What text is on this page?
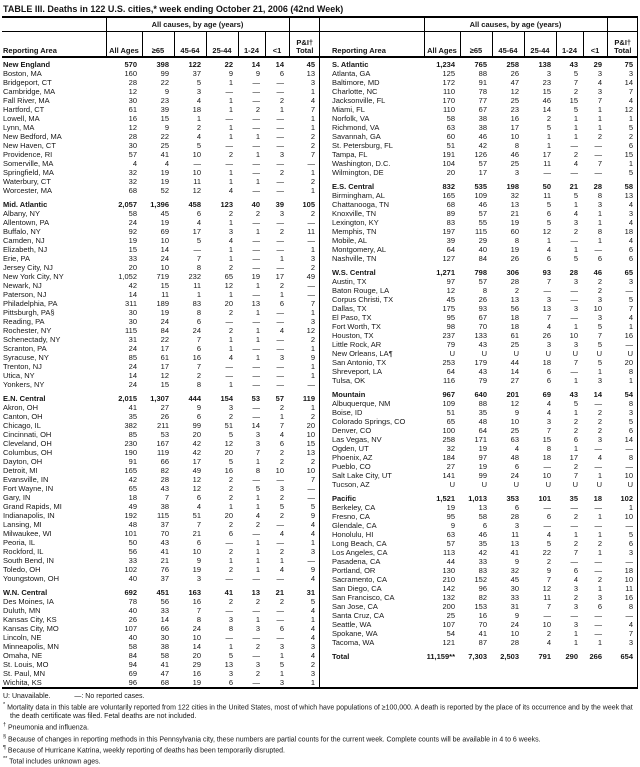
TABLE III. Deaths in 122 U.S. cities,* week ending October 21, 2006 (42nd Week)
	All causes, by age (years)						
Reporting Area	All Ages	≥65	45-64	25-44	1-24	<1	P&I† Total
New England	570	398	122	22	14	14	45
Boston, MA	160	99	37	9	9	6	13
Bridgeport, CT	28	22	5	1	—	—	3
Cambridge, MA	12	9	3	—	—	—	1
Fall River, MA	30	23	4	1	—	2	4
Hartford, CT	61	39	18	1	2	1	7
Lowell, MA	16	15	1	—	—	—	1
Lynn, MA	12	9	2	1	—	—	1
New Bedford, MA	28	22	4	1	1	—	2
New Haven, CT	30	25	5	—	—	—	2
Providence, RI	57	41	10	2	1	3	7
Somerville, MA	4	4	—	—	—	—	—
Springfield, MA	32	19	10	1	—	2	1
Waterbury, CT	32	19	11	1	1	—	2
Worcester, MA	68	52	12	4	—	—	1

Mid. Atlantic	2,057	1,396	458	123	40	39	105
Albany, NY	58	45	6	2	2	3	2
Allentown, PA	24	19	4	1	—	—	—
Buffalo, NY	92	69	17	3	1	2	11
Camden, NJ	19	10	5	4	—	—	—
Elizabeth, NJ	15	14	—	1	—	—	1
Erie, PA	33	24	7	1	—	1	3
Jersey City, NJ	20	10	8	2	—	—	2
New York City, NY	1,052	719	232	65	19	17	49
Newark, NJ	42	15	11	12	1	2	—
Paterson, NJ	14	11	1	1	—	1	—
Philadelphia, PA	311	189	83	20	13	6	7
Pittsburgh, PA§	30	19	8	2	1	—	1
Reading, PA	30	24	6	—	—	—	3
Rochester, NY	115	84	24	2	1	4	12
Schenectady, NY	31	22	7	1	1	—	2
Scranton, PA	24	17	6	1	—	—	1
Syracuse, NY	85	61	16	4	1	3	9
Trenton, NJ	24	17	7	—	—	—	1
Utica, NY	14	12	2	—	—	—	1
Yonkers, NY	24	15	8	1	—	—	—

E.N. Central	2,015	1,307	444	154	53	57	119
Akron, OH	41	27	9	3	—	2	1
Canton, OH	35	26	6	2	—	1	2
Chicago, IL	382	211	99	51	14	7	20
Cincinnati, OH	85	53	20	5	3	4	10
Cleveland, OH	230	167	42	12	3	6	15
Columbus, OH	190	119	42	20	7	2	13
Dayton, OH	91	66	17	5	1	2	2
Detroit, MI	165	82	49	16	8	10	10
Evansville, IN	42	28	12	2	—	—	7
Fort Wayne, IN	65	43	12	2	5	3	—
Gary, IN	18	7	6	2	1	2	—
Grand Rapids, MI	49	38	4	1	1	5	5
Indianapolis, IN	192	115	51	20	4	2	9
Lansing, MI	48	37	7	2	2	—	4
Milwaukee, WI	101	70	21	6	—	4	4
Peoria, IL	50	43	6	—	1	—	1
Rockford, IL	56	41	10	2	1	2	3
South Bend, IN	33	21	9	1	1	1	—
Toledo, OH	102	76	19	2	1	4	9
Youngstown, OH	40	37	3	—	—	—	4

W.N. Central	692	451	163	41	13	21	31
Des Moines, IA	78	56	16	2	2	2	5
Duluth, MN	40	33	7	—	—	—	4
Kansas City, KS	26	14	8	3	1	—	1
Kansas City, MO	107	66	24	8	3	6	4
Lincoln, NE	40	30	10	—	—	—	4
Minneapolis, MN	58	38	14	1	2	3	3
Omaha, NE	84	58	20	5	—	1	4
St. Louis, MO	94	41	29	13	3	5	2
St. Paul, MN	69	47	16	3	2	1	3
Wichita, KS	96	68	19	6	—	3	1
	All causes, by age (years)						
Reporting Area	All Ages	≥65	45-64	25-44	1-24	<1	P&I† Total
S. Atlantic	1,234	765	258	138	43	29	75
Atlanta, GA	125	88	26	3	5	3	3
Baltimore, MD	172	91	47	23	7	4	14
Charlotte, NC	110	78	12	15	2	3	7
Jacksonville, FL	170	77	25	46	15	7	4
Miami, FL	110	67	23	14	5	1	12
Norfolk, VA	58	38	16	2	1	1	1
Richmond, VA	63	38	17	5	1	1	5
Savannah, GA	60	46	10	1	1	2	2
St. Petersburg, FL	51	42	8	1	—	—	6
Tampa, FL	191	126	46	17	2	—	15
Washington, D.C.	104	57	25	11	4	7	1
Wilmington, DE	20	17	3	—	—	—	5

E.S. Central	832	535	198	50	21	28	58
Birmingham, AL	165	109	32	11	5	8	13
Chattanooga, TN	68	46	13	5	1	3	4
Knoxville, TN	89	57	21	6	4	1	3
Lexington, KY	83	55	19	5	3	1	4
Memphis, TN	197	115	60	12	2	8	18
Mobile, AL	39	29	8	1	—	1	4
Montgomery, AL	64	40	19	4	1	—	6
Nashville, TN	127	84	26	6	5	6	6

W.S. Central	1,271	798	306	93	28	46	65
Austin, TX	97	57	28	7	3	2	3
Baton Rouge, LA	12	8	2	—	—	2	—
Corpus Christi, TX	45	26	13	3	—	3	5
Dallas, TX	175	93	56	13	3	10	7
El Paso, TX	95	67	18	7	—	3	4
Fort Worth, TX	98	70	18	4	1	5	1
Houston, TX	237	133	61	26	10	7	16
Little Rock, AR	79	43	25	3	3	5	—
New Orleans, LA¶	U	U	U	U	U	U	U
San Antonio, TX	253	179	44	18	7	5	20
Shreveport, LA	64	43	14	6	—	1	8
Tulsa, OK	116	79	27	6	1	3	1

Mountain	967	640	201	69	43	14	54
Albuquerque, NM	109	88	12	4	5	—	8
Boise, ID	51	35	9	4	1	2	3
Colorado Springs, CO	65	48	10	3	2	2	5
Denver, CO	100	64	25	7	2	2	6
Las Vegas, NV	258	171	63	15	6	3	14
Ogden, UT	32	19	4	8	1	—	—
Phoenix, AZ	184	97	48	18	17	4	8
Pueblo, CO	27	19	6	—	2	—	—
Salt Lake City, UT	141	99	24	10	7	1	10
Tucson, AZ	U	U	U	U	U	U	U

Pacific	1,521	1,013	353	101	35	18	102
Berkeley, CA	19	13	6	—	—	—	1
Fresno, CA	95	58	28	6	2	1	10
Glendale, CA	9	6	3	—	—	—	—
Honolulu, HI	63	46	11	4	1	1	5
Long Beach, CA	57	35	13	5	2	2	6
Los Angeles, CA	113	42	41	22	7	1	3
Pasadena, CA	44	33	9	2	—	—	—
Portland, OR	130	83	32	9	6	—	18
Sacramento, CA	210	152	45	7	4	2	10
San Diego, CA	142	96	30	12	3	1	11
San Francisco, CA	132	82	33	11	2	3	16
San Jose, CA	200	153	31	7	3	6	8
Santa Cruz, CA	25	16	9	—	—	—	—
Seattle, WA	107	70	24	10	3	—	4
Spokane, WA	54	41	10	2	1	—	7
Tacoma, WA	121	87	28	4	1	1	3

Total	11,159**	7,303	2,503	791	290	266	654
U: Unavailable.	—: No reported cases.
* Mortality data in this table are voluntarily reported from 122 cities in the United States, most of which have populations of ≥100,000. A death is reported by the place of its occurrence and by the week that the death certificate was filed. Fetal deaths are not included.
† Pneumonia and influenza.
§ Because of changes in reporting methods in this Pennsylvania city, these numbers are partial counts for the current week. Complete counts will be available in 4 to 6 weeks.
¶ Because of Hurricane Katrina, weekly reporting of deaths has been temporarily disrupted.
** Total includes unknown ages.
